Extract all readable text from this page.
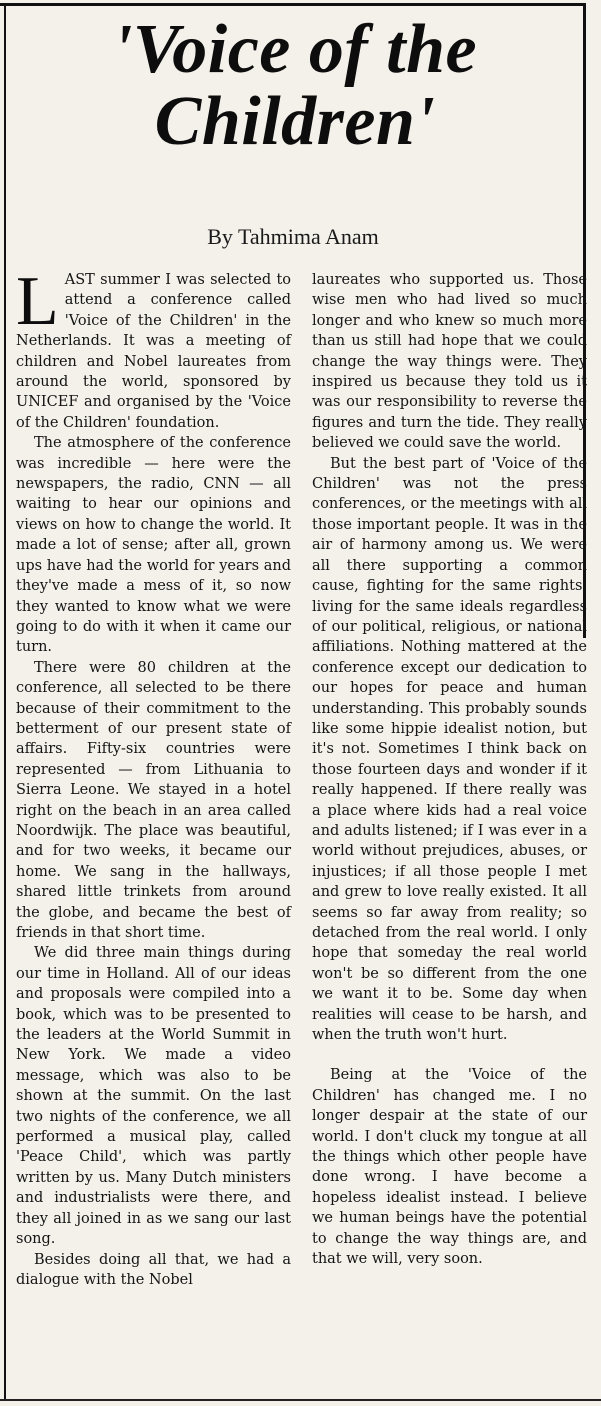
'Voice of the
Children'
By Tahmima Anam

LAST summer I was selected to attend a conference called 'Voice of the Children' in the Netherlands. It was a meeting of children and Nobel laureates from around the world, sponsored by UNICEF and organised by the 'Voice of the Children' foundation.

The atmosphere of the conference was incredible — here were the newspapers, the radio, CNN — all waiting to hear our opinions and views on how to change the world. It made a lot of sense; after all, grown ups have had the world for years and they've made a mess of it, so now they wanted to know what we were going to do with it when it came our turn.

There were 80 children at the conference, all selected to be there because of their commitment to the betterment of our present state of affairs. Fifty-six countries were represented — from Lithuania to Sierra Leone. We stayed in a hotel right on the beach in an area called Noordwijk. The place was beautiful, and for two weeks, it became our home. We sang in the hallways, shared little trinkets from around the globe, and became the best of friends in that short time.

We did three main things during our time in Holland. All of our ideas and proposals were compiled into a book, which was to be presented to the leaders at the World Summit in New York. We made a video message, which was also to be shown at the summit. On the last two nights of the conference, we all performed a musical play, called 'Peace Child', which was partly written by us. Many Dutch ministers and industrialists were there, and they all joined in as we sang our last song.

Besides doing all that, we had a dialogue with the Nobel

laureates who supported us. Those wise men who had lived so much longer and who knew so much more than us still had hope that we could change the way things were. They inspired us because they told us it was our responsibility to reverse the figures and turn the tide. They really believed we could save the world.

But the best part of 'Voice of the Children' was not the press conferences, or the meetings with all those important people. It was in the air of harmony among us. We were all there supporting a common cause, fighting for the same rights, living for the same ideals regardless of our political, religious, or national affiliations. Nothing mattered at the conference except our dedication to our hopes for peace and human understanding. This probably sounds like some hippie idealist notion, but it's not. Sometimes I think back on those fourteen days and wonder if it really happened. If there really was a place where kids had a real voice and adults listened; if I was ever in a world without prejudices, abuses, or injustices; if all those people I met and grew to love really existed. It all seems so far away from reality; so detached from the real world. I only hope that someday the real world won't be so different from the one we want it to be. Some day when realities will cease to be harsh, and when the truth won't hurt.

Being at the 'Voice of the Children' has changed me. I no longer despair at the state of our world. I don't cluck my tongue at all the things which other people have done wrong. I have become a hopeless idealist instead. I believe we human beings have the potential to change the way things are, and that we will, very soon.
